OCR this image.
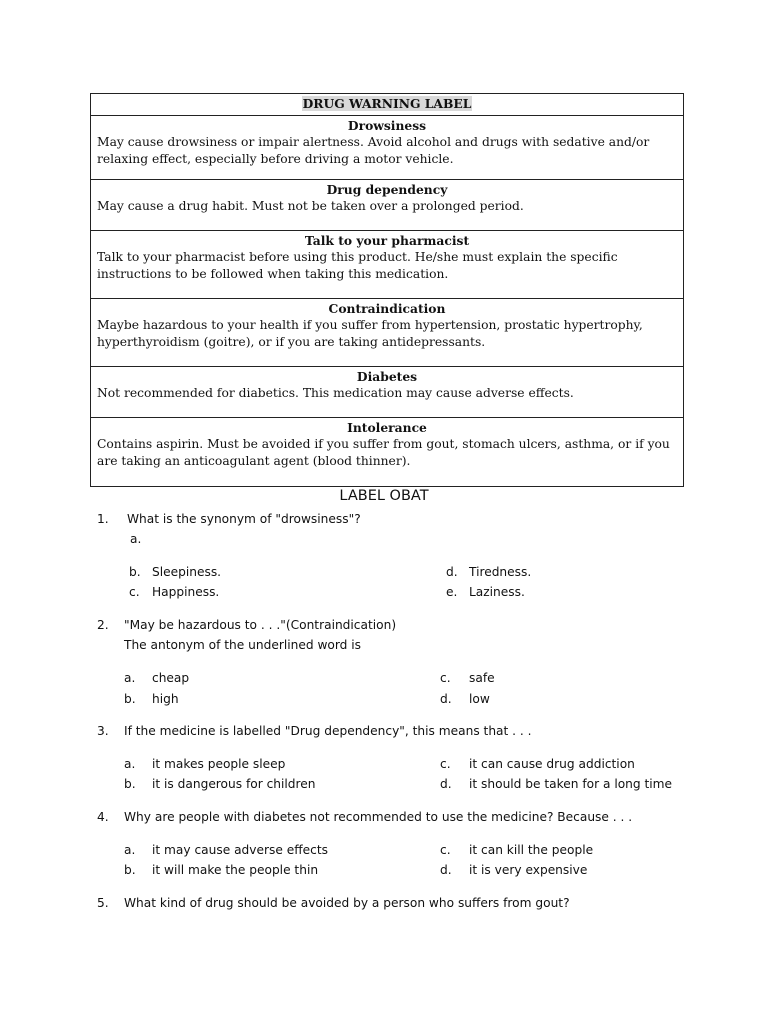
DRUG WARNING LABEL
Drowsiness
May cause drowsiness or impair alertness. Avoid alcohol and drugs with sedative and/or relaxing effect, especially before driving a motor vehicle.
Drug dependency
May cause a drug habit. Must not be taken over a prolonged period.
Talk to your pharmacist
Talk to your pharmacist before using this product. He/she must explain the specific instructions to be followed when taking this medication.
Contraindication
Maybe hazardous to your health if you suffer from hypertension, prostatic hypertrophy, hyperthyroidism (goitre), or if you are taking antidepressants.
Diabetes
Not recommended for diabetics. This medication may cause adverse effects.
Intolerance
Contains aspirin. Must be avoided if you suffer from gout, stomach ulcers, asthma, or if you are taking an anticoagulant agent (blood thinner).
LABEL OBAT
1. What is the synonym of "drowsiness"?
a.
b. Sleepiness.
c. Happiness.
d. Tiredness.
e. Laziness.
2. "May be hazardous to . . ."(Contraindication)
The antonym of the underlined word is
a. cheap
b. high
c. safe
d. low
3. If the medicine is labelled "Drug dependency", this means that . . .
a. it makes people sleep
b. it is dangerous for children
c. it can cause drug addiction
d. it should be taken for a long time
4. Why are people with diabetes not recommended to use the medicine? Because . . .
a. it may cause adverse effects
b. it will make the people thin
c. it can kill the people
d. it is very expensive
5. What kind of drug should be avoided by a person who suffers from gout?
